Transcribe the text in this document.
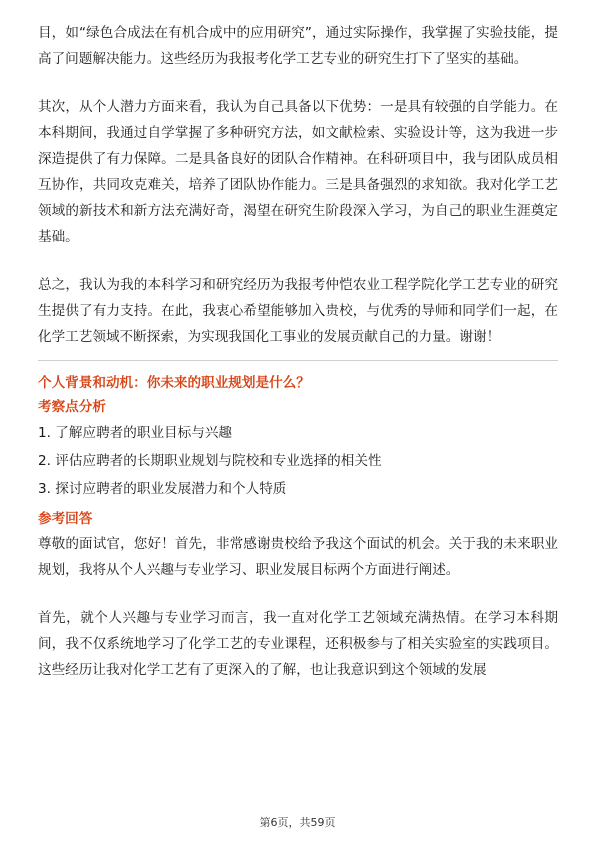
目，如“绿色合成法在有机合成中的应用研究”，通过实际操作，我掌握了实验技能，提高了问题解决能力。这些经历为我报考化学工艺专业的研究生打下了坚实的基础。

其次，从个人潜力方面来看，我认为自己具备以下优势：一是具有较强的自学能力。在本科期间，我通过自学掌握了多种研究方法，如文献检索、实验设计等，这为我进一步深造提供了有力保障。二是具备良好的团队合作精神。在科研项目中，我与团队成员相互协作，共同攻克难关，培养了团队协作能力。三是具备强烈的求知欲。我对化学工艺领域的新技术和新方法充满好奇，渴望在研究生阶段深入学习，为自己的职业生涯奠定基础。

总之，我认为我的本科学习和研究经历为我报考仲恺农业工程学院化学工艺专业的研究生提供了有力支持。在此，我衷心希望能够加入贵校，与优秀的导师和同学们一起，在化学工艺领域不断探索，为实现我国化工事业的发展贡献自己的力量。谢谢！

个人背景和动机：你未来的职业规划是什么？

考察点分析

1. 了解应聘者的职业目标与兴趣
2. 评估应聘者的长期职业规划与院校和专业选择的相关性
3. 探讨应聘者的职业发展潜力和个人特质

参考回答

尊敬的面试官，您好！首先，非常感谢贵校给予我这个面试的机会。关于我的未来职业规划，我将从个人兴趣与专业学习、职业发展目标两个方面进行阐述。

首先，就个人兴趣与专业学习而言，我一直对化学工艺领域充满热情。在学习本科期间，我不仅系统地学习了化学工艺的专业课程，还积极参与了相关实验室的实践项目。这些经历让我对化学工艺有了更深入的了解，也让我意识到这个领域的发展

第6页，共59页
